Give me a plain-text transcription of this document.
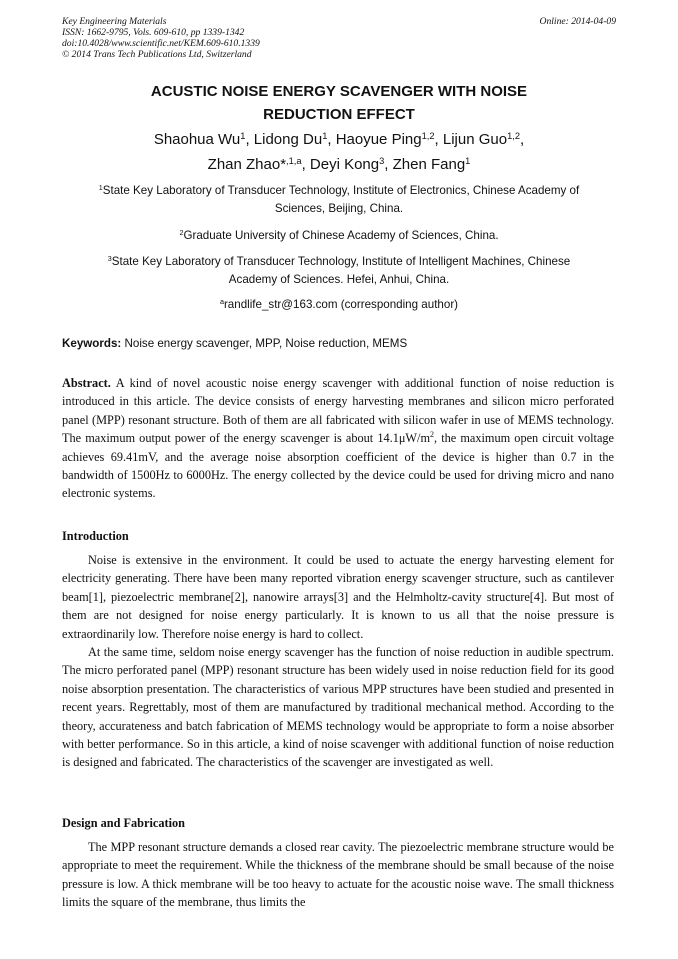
Key Engineering Materials
ISSN: 1662-9795, Vols. 609-610, pp 1339-1342
doi:10.4028/www.scientific.net/KEM.609-610.1339
© 2014 Trans Tech Publications Ltd, Switzerland
Online: 2014-04-09
ACUSTIC NOISE ENERGY SCAVENGER WITH NOISE
REDUCTION EFFECT
Shaohua Wu$^1$, Lidong Du$^1$, Haoyue Ping$^{1,2}$, Lijun Guo$^{1,2}$,
Zhan Zhao*$^{,1,a}$, Deyi Kong$^3$, Zhen Fang$^1$
$^1$State Key Laboratory of Transducer Technology, Institute of Electronics, Chinese Academy of
Sciences, Beijing, China.
$^2$Graduate University of Chinese Academy of Sciences, China.
$^3$State Key Laboratory of Transducer Technology, Institute of Intelligent Machines, Chinese
Academy of Sciences. Hefei, Anhui, China.
$^a$randlife_str@163.com (corresponding author)
Keywords: Noise energy scavenger, MPP, Noise reduction, MEMS
Abstract. A kind of novel acoustic noise energy scavenger with additional function of noise reduction is introduced in this article. The device consists of energy harvesting membranes and silicon micro perforated panel (MPP) resonant structure. Both of them are all fabricated with silicon wafer in use of MEMS technology. The maximum output power of the energy scavenger is about $14.1\mu W/m^2$, the maximum open circuit voltage achieves 69.41mV, and the average noise absorption coefficient of the device is higher than 0.7 in the bandwidth of 1500Hz to 6000Hz. The energy collected by the device could be used for driving micro and nano electronic systems.
Introduction
Noise is extensive in the environment. It could be used to actuate the energy harvesting element for electricity generating. There have been many reported vibration energy scavenger structure, such as cantilever beam[1], piezoelectric membrane[2], nanowire arrays[3] and the Helmholtz-cavity structure[4]. But most of them are not designed for noise energy particularly. It is known to us all that the noise pressure is extraordinarily low. Therefore noise energy is hard to collect.
At the same time, seldom noise energy scavenger has the function of noise reduction in audible spectrum. The micro perforated panel (MPP) resonant structure has been widely used in noise reduction field for its good noise absorption presentation. The characteristics of various MPP structures have been studied and presented in recent years. Regrettably, most of them are manufactured by traditional mechanical method. According to the theory, accurateness and batch fabrication of MEMS technology would be appropriate to form a noise absorber with better performance. So in this article, a kind of noise scavenger with additional function of noise reduction is designed and fabricated. The characteristics of the scavenger are investigated as well.
Design and Fabrication
The MPP resonant structure demands a closed rear cavity. The piezoelectric membrane structure would be appropriate to meet the requirement. While the thickness of the membrane should be small because of the noise pressure is low. A thick membrane will be too heavy to actuate for the acoustic noise wave. The small thickness limits the square of the membrane, thus limits the
